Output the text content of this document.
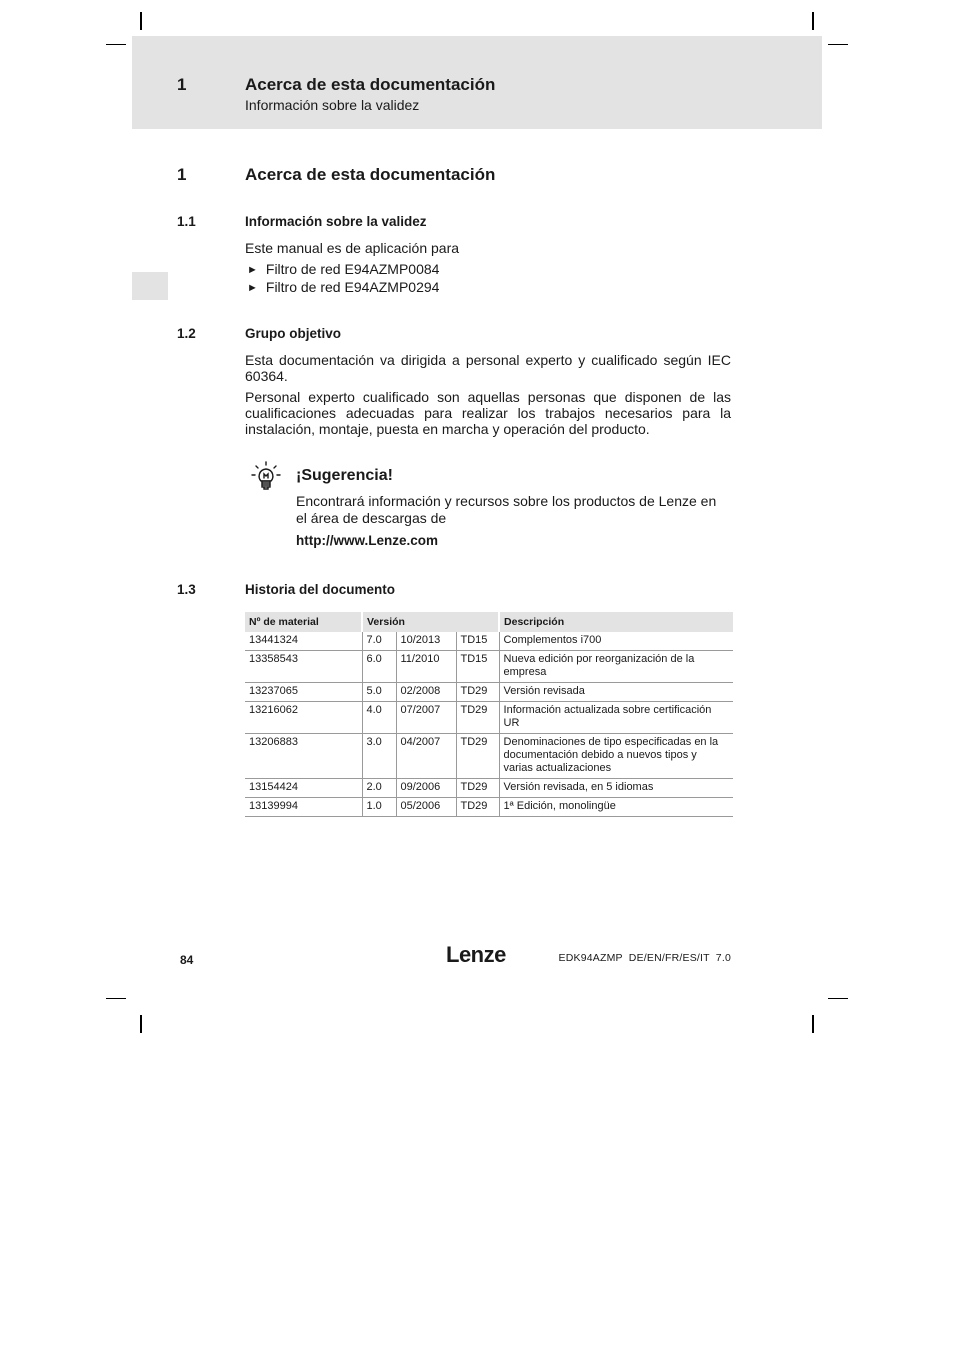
1	Acerca de esta documentación
Información sobre la validez
1	Acerca de esta documentación
1.1	Información sobre la validez
Este manual es de aplicación para
► Filtro de red E94AZMP0084
► Filtro de red E94AZMP0294
1.2	Grupo objetivo
Esta documentación va dirigida a personal experto y cualificado según IEC 60364.
Personal experto cualificado son aquellas personas que disponen de las cualificaciones adecuadas para realizar los trabajos necesarios para la instalación, montaje, puesta en marcha y operación del producto.
¡Sugerencia!
Encontrará información y recursos sobre los productos de Lenze en el área de descargas de
http://www.Lenze.com
1.3	Historia del documento
Nº de material	Versión			Descripción
13441324	7.0	10/2013	TD15	Complementos i700
13358543	6.0	11/2010	TD15	Nueva edición por reorganización de la empresa
13237065	5.0	02/2008	TD29	Versión revisada
13216062	4.0	07/2007	TD29	Información actualizada sobre certificación UR
13206883	3.0	04/2007	TD29	Denominaciones de tipo especificadas en la documentación debido a nuevos tipos y varias actualizaciones
13154424	2.0	09/2006	TD29	Versión revisada, en 5 idiomas
13139994	1.0	05/2006	TD29	1ª Edición, monolingüe
84	Lenze	EDK94AZMP  DE/EN/FR/ES/IT  7.0
